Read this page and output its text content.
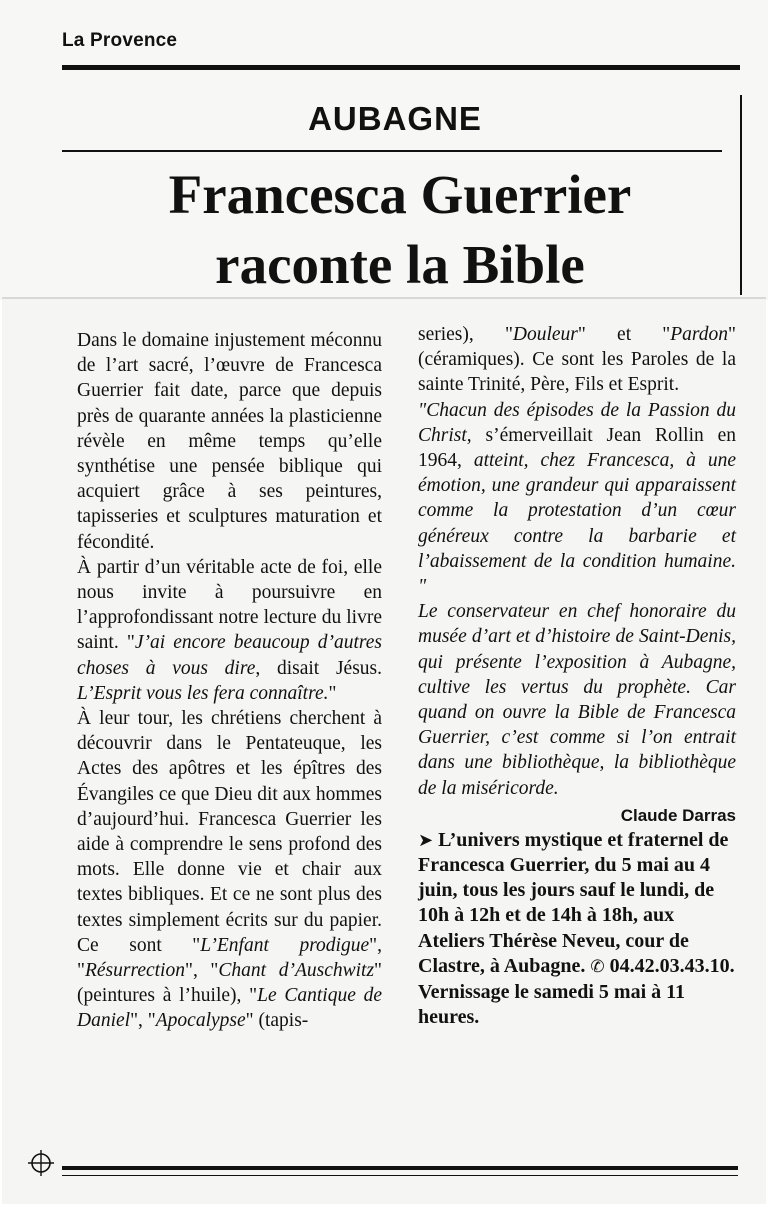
La Provence
AUBAGNE
Francesca Guerrier
raconte la Bible

Dans le domaine injustement méconnu de l’art sacré, l’œuvre de Francesca Guerrier fait date, parce que depuis près de quarante années la plasticienne révèle en même temps qu’elle synthétise une pensée biblique qui acquiert grâce à ses peintures, tapisseries et sculptures maturation et fécondité.

À partir d’un véritable acte de foi, elle nous invite à poursuivre en l’approfondissant notre lecture du livre saint. "J’ai encore beaucoup d’autres choses à vous dire, disait Jésus. L’Esprit vous les fera connaître."

À leur tour, les chrétiens cherchent à découvrir dans le Pentateuque, les Actes des apôtres et les épîtres des Évangiles ce que Dieu dit aux hommes d’aujourd’hui. Francesca Guerrier les aide à comprendre le sens profond des mots. Elle donne vie et chair aux textes bibliques. Et ce ne sont plus des textes simplement écrits sur du papier. Ce sont "L’Enfant prodigue", "Résurrection", "Chant d’Auschwitz" (peintures à l’huile), "Le Cantique de Daniel", "Apocalypse" (tapis-

series), "Douleur" et "Pardon" (céramiques). Ce sont les Paroles de la sainte Trinité, Père, Fils et Esprit.

"Chacun des épisodes de la Passion du Christ, s’émerveillait Jean Rollin en 1964, atteint, chez Francesca, à une émotion, une grandeur qui apparaissent comme la protestation d’un cœur généreux contre la barbarie et l’abaissement de la condition humaine. "

Le conservateur en chef honoraire du musée d’art et d’histoire de Saint-Denis, qui présente l’exposition à Aubagne, cultive les vertus du prophète. Car quand on ouvre la Bible de Francesca Guerrier, c’est comme si l’on entrait dans une bibliothèque, la bibliothèque de la miséricorde.

Claude Darras
➤ L’univers mystique et fraternel de Francesca Guerrier, du 5 mai au 4 juin, tous les jours sauf le lundi, de 10h à 12h et de 14h à 18h, aux Ateliers Thérèse Neveu, cour de Clastre, à Aubagne. ✆ 04.42.03.43.10. Vernissage le samedi 5 mai à 11 heures.
